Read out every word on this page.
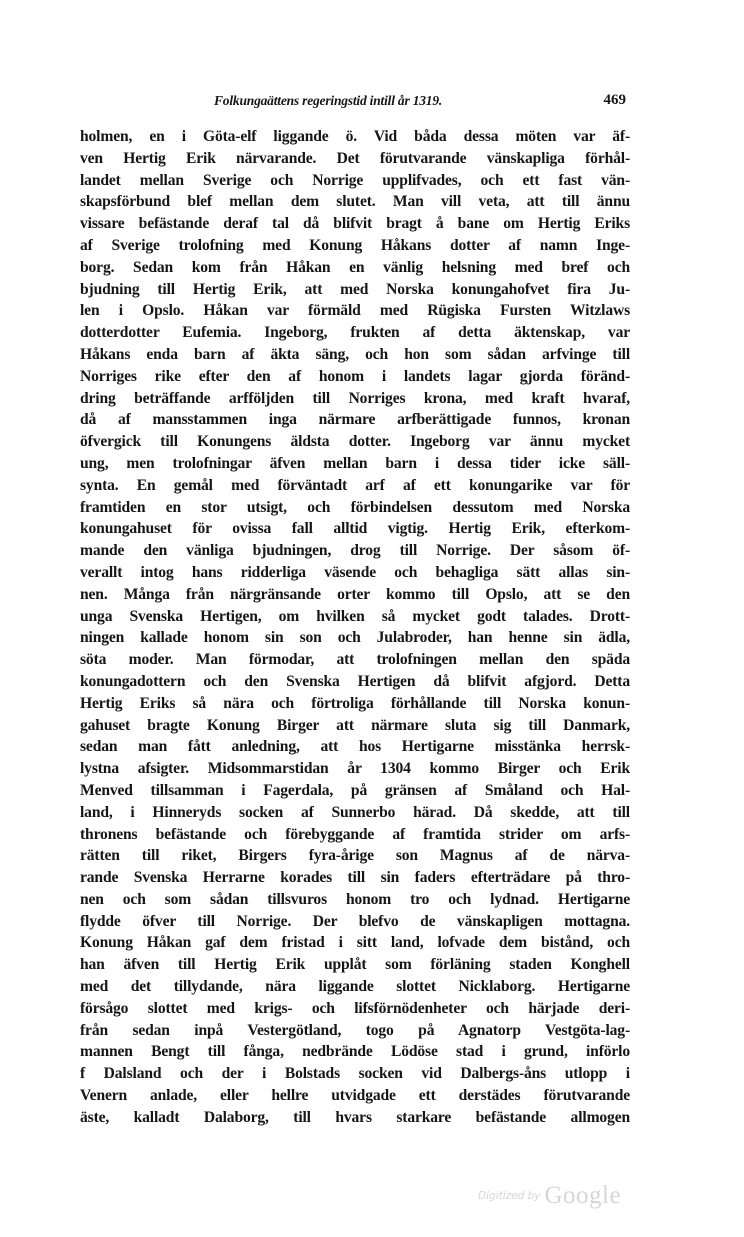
Folkungaättens regeringstid intill år 1319.	469
holmen, en i Göta-elf liggande ö. Vid båda dessa möten var äf-
ven Hertig Erik närvarande. Det förutvarande vänskapliga förhål-
landet mellan Sverige och Norrige upplifvades, och ett fast vän-
skapsförbund blef mellan dem slutet. Man vill veta, att till ännu
vissare befästande deraf tal då blifvit bragt å bane om Hertig Eriks
af Sverige trolofning med Konung Håkans dotter af namn Inge-
borg. Sedan kom från Håkan en vänlig helsning med bref och
bjudning till Hertig Erik, att med Norska konungahofvet fira Ju-
len i Opslo. Håkan var förmäld med Rügiska Fursten Witzlaws
dotterdotter Eufemia. Ingeborg, frukten af detta äktenskap, var
Håkans enda barn af äkta säng, och hon som sådan arfvinge till
Norriges rike efter den af honom i landets lagar gjorda föränd-
dring beträffande arfföljden till Norriges krona, med kraft hvaraf,
då af mansstammen inga närmare arfberättigade funnos, kronan
öfvergick till Konungens äldsta dotter. Ingeborg var ännu mycket
ung, men trolofningar äfven mellan barn i dessa tider icke säll-
synta. En gemål med förväntadt arf af ett konungarike var för
framtiden en stor utsigt, och förbindelsen dessutom med Norska
konungahuset för ovissa fall alltid vigtig. Hertig Erik, efterkom-
mande den vänliga bjudningen, drog till Norrige. Der såsom öf-
verallt intog hans ridderliga väsende och behagliga sätt allas sin-
nen. Många från närgränsande orter kommo till Opslo, att se den
unga Svenska Hertigen, om hvilken så mycket godt talades. Drott-
ningen kallade honom sin son och Julabroder, han henne sin ädla,
söta moder. Man förmodar, att trolofningen mellan den späda
konungadottern och den Svenska Hertigen då blifvit afgjord. Detta
Hertig Eriks så nära och förtroliga förhållande till Norska konun-
gahuset bragte Konung Birger att närmare sluta sig till Danmark,
sedan man fått anledning, att hos Hertigarne misstänka herrsk-
lystna afsigter. Midsommarstidan år 1304 kommo Birger och Erik
Menved tillsamman i Fagerdala, på gränsen af Småland och Hal-
land, i Hinneryds socken af Sunnerbo härad. Då skedde, att till
thronens befästande och förebyggande af framtida strider om arfs-
rätten till riket, Birgers fyra-årige son Magnus af de närva-
rande Svenska Herrarne korades till sin faders efterträdare på thro-
nen och som sådan tillsvuros honom tro och lydnad. Hertigarne
flydde öfver till Norrige. Der blefvo de vänskapligen mottagna.
Konung Håkan gaf dem fristad i sitt land, lofvade dem bistånd, och
han äfven till Hertig Erik upplåt som förläning staden Konghell
med det tillydande, nära liggande slottet Nicklaborg. Hertigarne
försågo slottet med krigs- och lifsförnödenheter och härjade deri-
från sedan inpå Vestergötland, togo på Agnatorp Vestgöta-lag-
mannen Bengt till fånga, nedbrände Lödöse stad i grund, införlo
f Dalsland och der i Bolstads socken vid Dalbergs-åns utlopp i
Venern anlade, eller hellre utvidgade ett derstädes förutvarande
äste, kalladt Dalaborg, till hvars starkare befästande allmogen
Digitized by Google
